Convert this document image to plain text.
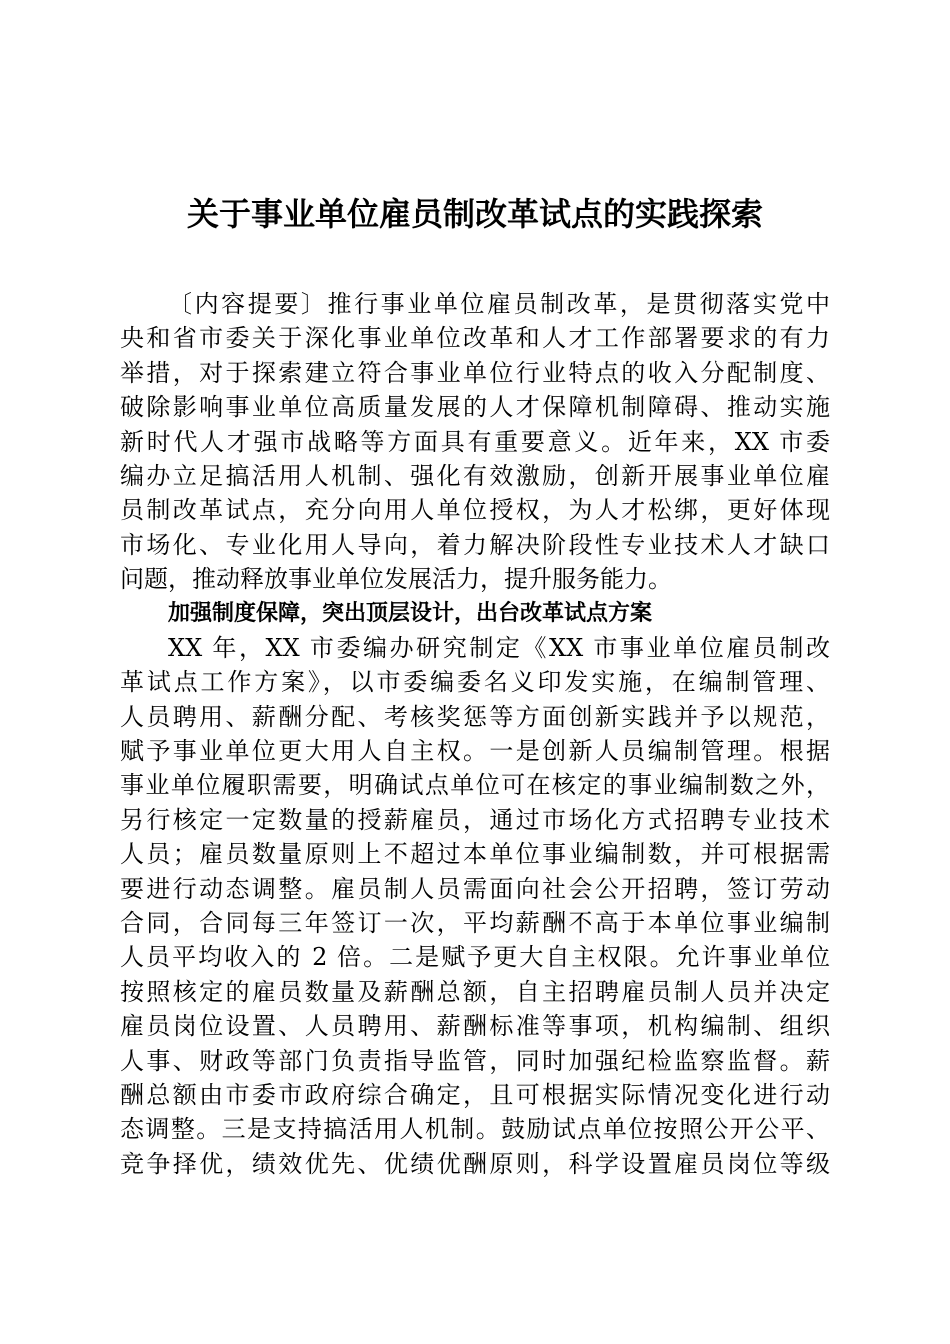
关于事业单位雇员制改革试点的实践探索

〔内容提要〕推行事业单位雇员制改革，是贯彻落实党中

央和省市委关于深化事业单位改革和人才工作部署要求的有力

举措，对于探索建立符合事业单位行业特点的收入分配制度、

破除影响事业单位高质量发展的人才保障机制障碍、推动实施

新时代人才强市战略等方面具有重要意义。近年来，XX 市委

编办立足搞活用人机制、强化有效激励，创新开展事业单位雇

员制改革试点，充分向用人单位授权，为人才松绑，更好体现

市场化、专业化用人导向，着力解决阶段性专业技术人才缺口

问题，推动释放事业单位发展活力，提升服务能力。

加强制度保障，突出顶层设计，出台改革试点方案

XX 年，XX 市委编办研究制定《XX 市事业单位雇员制改

革试点工作方案》，以市委编委名义印发实施，在编制管理、

人员聘用、薪酬分配、考核奖惩等方面创新实践并予以规范，

赋予事业单位更大用人自主权。一是创新人员编制管理。根据

事业单位履职需要，明确试点单位可在核定的事业编制数之外，

另行核定一定数量的授薪雇员，通过市场化方式招聘专业技术

人员；雇员数量原则上不超过本单位事业编制数，并可根据需

要进行动态调整。雇员制人员需面向社会公开招聘，签订劳动

合同，合同每三年签订一次，平均薪酬不高于本单位事业编制

人员平均收入的 2 倍。二是赋予更大自主权限。允许事业单位

按照核定的雇员数量及薪酬总额，自主招聘雇员制人员并决定

雇员岗位设置、人员聘用、薪酬标准等事项，机构编制、组织

人事、财政等部门负责指导监管，同时加强纪检监察监督。薪

酬总额由市委市政府综合确定，且可根据实际情况变化进行动

态调整。三是支持搞活用人机制。鼓励试点单位按照公开公平、

竞争择优，绩效优先、优绩优酬原则，科学设置雇员岗位等级
